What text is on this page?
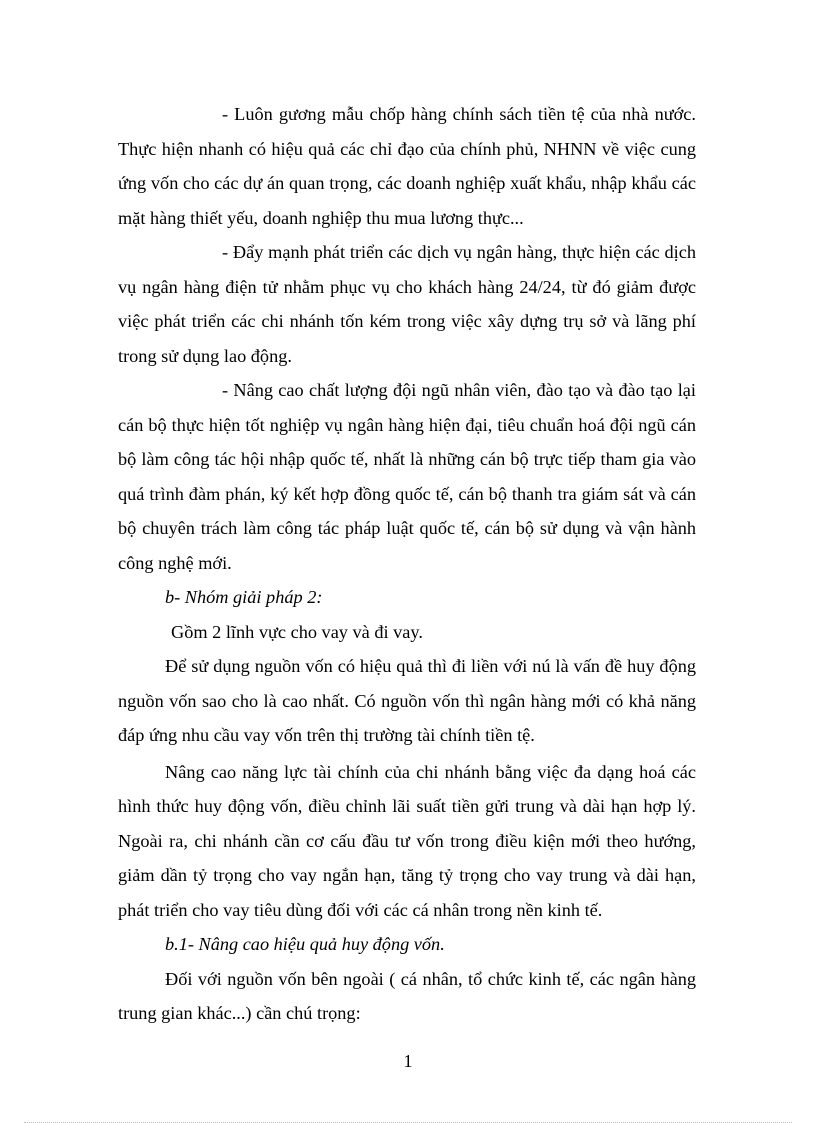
- Luôn gương mẫu chốp hàng chính sách tiền tệ của nhà nước. Thực hiện nhanh có hiệu quả các chỉ đạo của chính phủ, NHNN về việc cung ứng vốn cho các dự án quan trọng, các doanh nghiệp xuất khẩu, nhập khẩu các mặt hàng thiết yếu, doanh nghiệp thu mua lương thực...

- Đẩy mạnh phát triển các dịch vụ ngân hàng, thực hiện các dịch vụ ngân hàng điện tử nhằm phục vụ cho khách hàng 24/24, từ đó giảm được việc phát triển các chi nhánh tốn kém trong việc xây dựng trụ sở và lãng phí trong sử dụng lao động.

- Nâng cao chất lượng đội ngũ nhân viên, đào tạo và đào tạo lại cán bộ thực hiện tốt nghiệp vụ ngân hàng hiện đại, tiêu chuẩn hoá đội ngũ cán bộ làm công tác hội nhập quốc tế, nhất là những cán bộ trực tiếp tham gia vào quá trình đàm phán, ký kết hợp đồng quốc tế, cán bộ thanh tra giám sát và cán bộ chuyên trách làm công tác pháp luật quốc tế, cán bộ sử dụng và vận hành công nghệ mới.

b- Nhóm giải pháp 2:

Gồm 2 lĩnh vực cho vay và đi vay.

Để sử dụng nguồn vốn có hiệu quả thì đi liền với nú là vấn đề huy động nguồn vốn sao cho là cao nhất. Có nguồn vốn thì ngân hàng mới có khả năng đáp ứng nhu cầu vay vốn trên thị trường tài chính tiền tệ.

Nâng cao năng lực tài chính của chi nhánh bằng việc đa dạng hoá các hình thức huy động vốn, điều chỉnh lãi suất tiền gửi trung và dài hạn hợp lý. Ngoài ra, chi nhánh cần cơ cấu đầu tư vốn trong điều kiện mới theo hướng, giảm dần tỷ trọng cho vay ngắn hạn, tăng tỷ trọng cho vay trung và dài hạn, phát triển cho vay tiêu dùng đối với các cá nhân trong nền kinh tế.

b.1- Nâng cao hiệu quả huy động vốn.

Đối với nguồn vốn bên ngoài ( cá nhân, tổ chức kinh tế, các ngân hàng trung gian khác...) cần chú trọng:

1
